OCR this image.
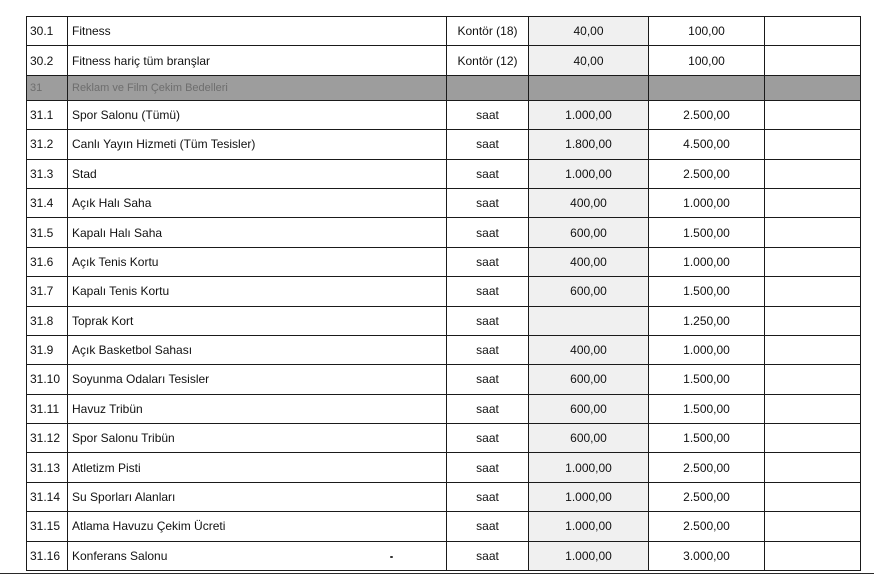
30.1	Fitness	Kontör (18)	40,00	100,00	
30.2	Fitness hariç tüm branşlar	Kontör (12)	40,00	100,00	
31	Reklam ve Film Çekim Bedelleri				
31.1	Spor Salonu (Tümü)	saat	1.000,00	2.500,00	
31.2	Canlı Yayın Hizmeti (Tüm Tesisler)	saat	1.800,00	4.500,00	
31.3	Stad	saat	1.000,00	2.500,00	
31.4	Açık Halı Saha	saat	400,00	1.000,00	
31.5	Kapalı Halı Saha	saat	600,00	1.500,00	
31.6	Açık Tenis Kortu	saat	400,00	1.000,00	
31.7	Kapalı Tenis Kortu	saat	600,00	1.500,00	
31.8	Toprak Kort	saat		1.250,00	
31.9	Açık Basketbol Sahası	saat	400,00	1.000,00	
31.10	Soyunma Odaları Tesisler	saat	600,00	1.500,00	
31.11	Havuz Tribün	saat	600,00	1.500,00	
31.12	Spor Salonu Tribün	saat	600,00	1.500,00	
31.13	Atletizm Pisti	saat	1.000,00	2.500,00	
31.14	Su Sporları Alanları	saat	1.000,00	2.500,00	
31.15	Atlama Havuzu Çekim Ücreti	saat	1.000,00	2.500,00	
31.16	Konferans Salonu	saat	1.000,00	3.000,00	
